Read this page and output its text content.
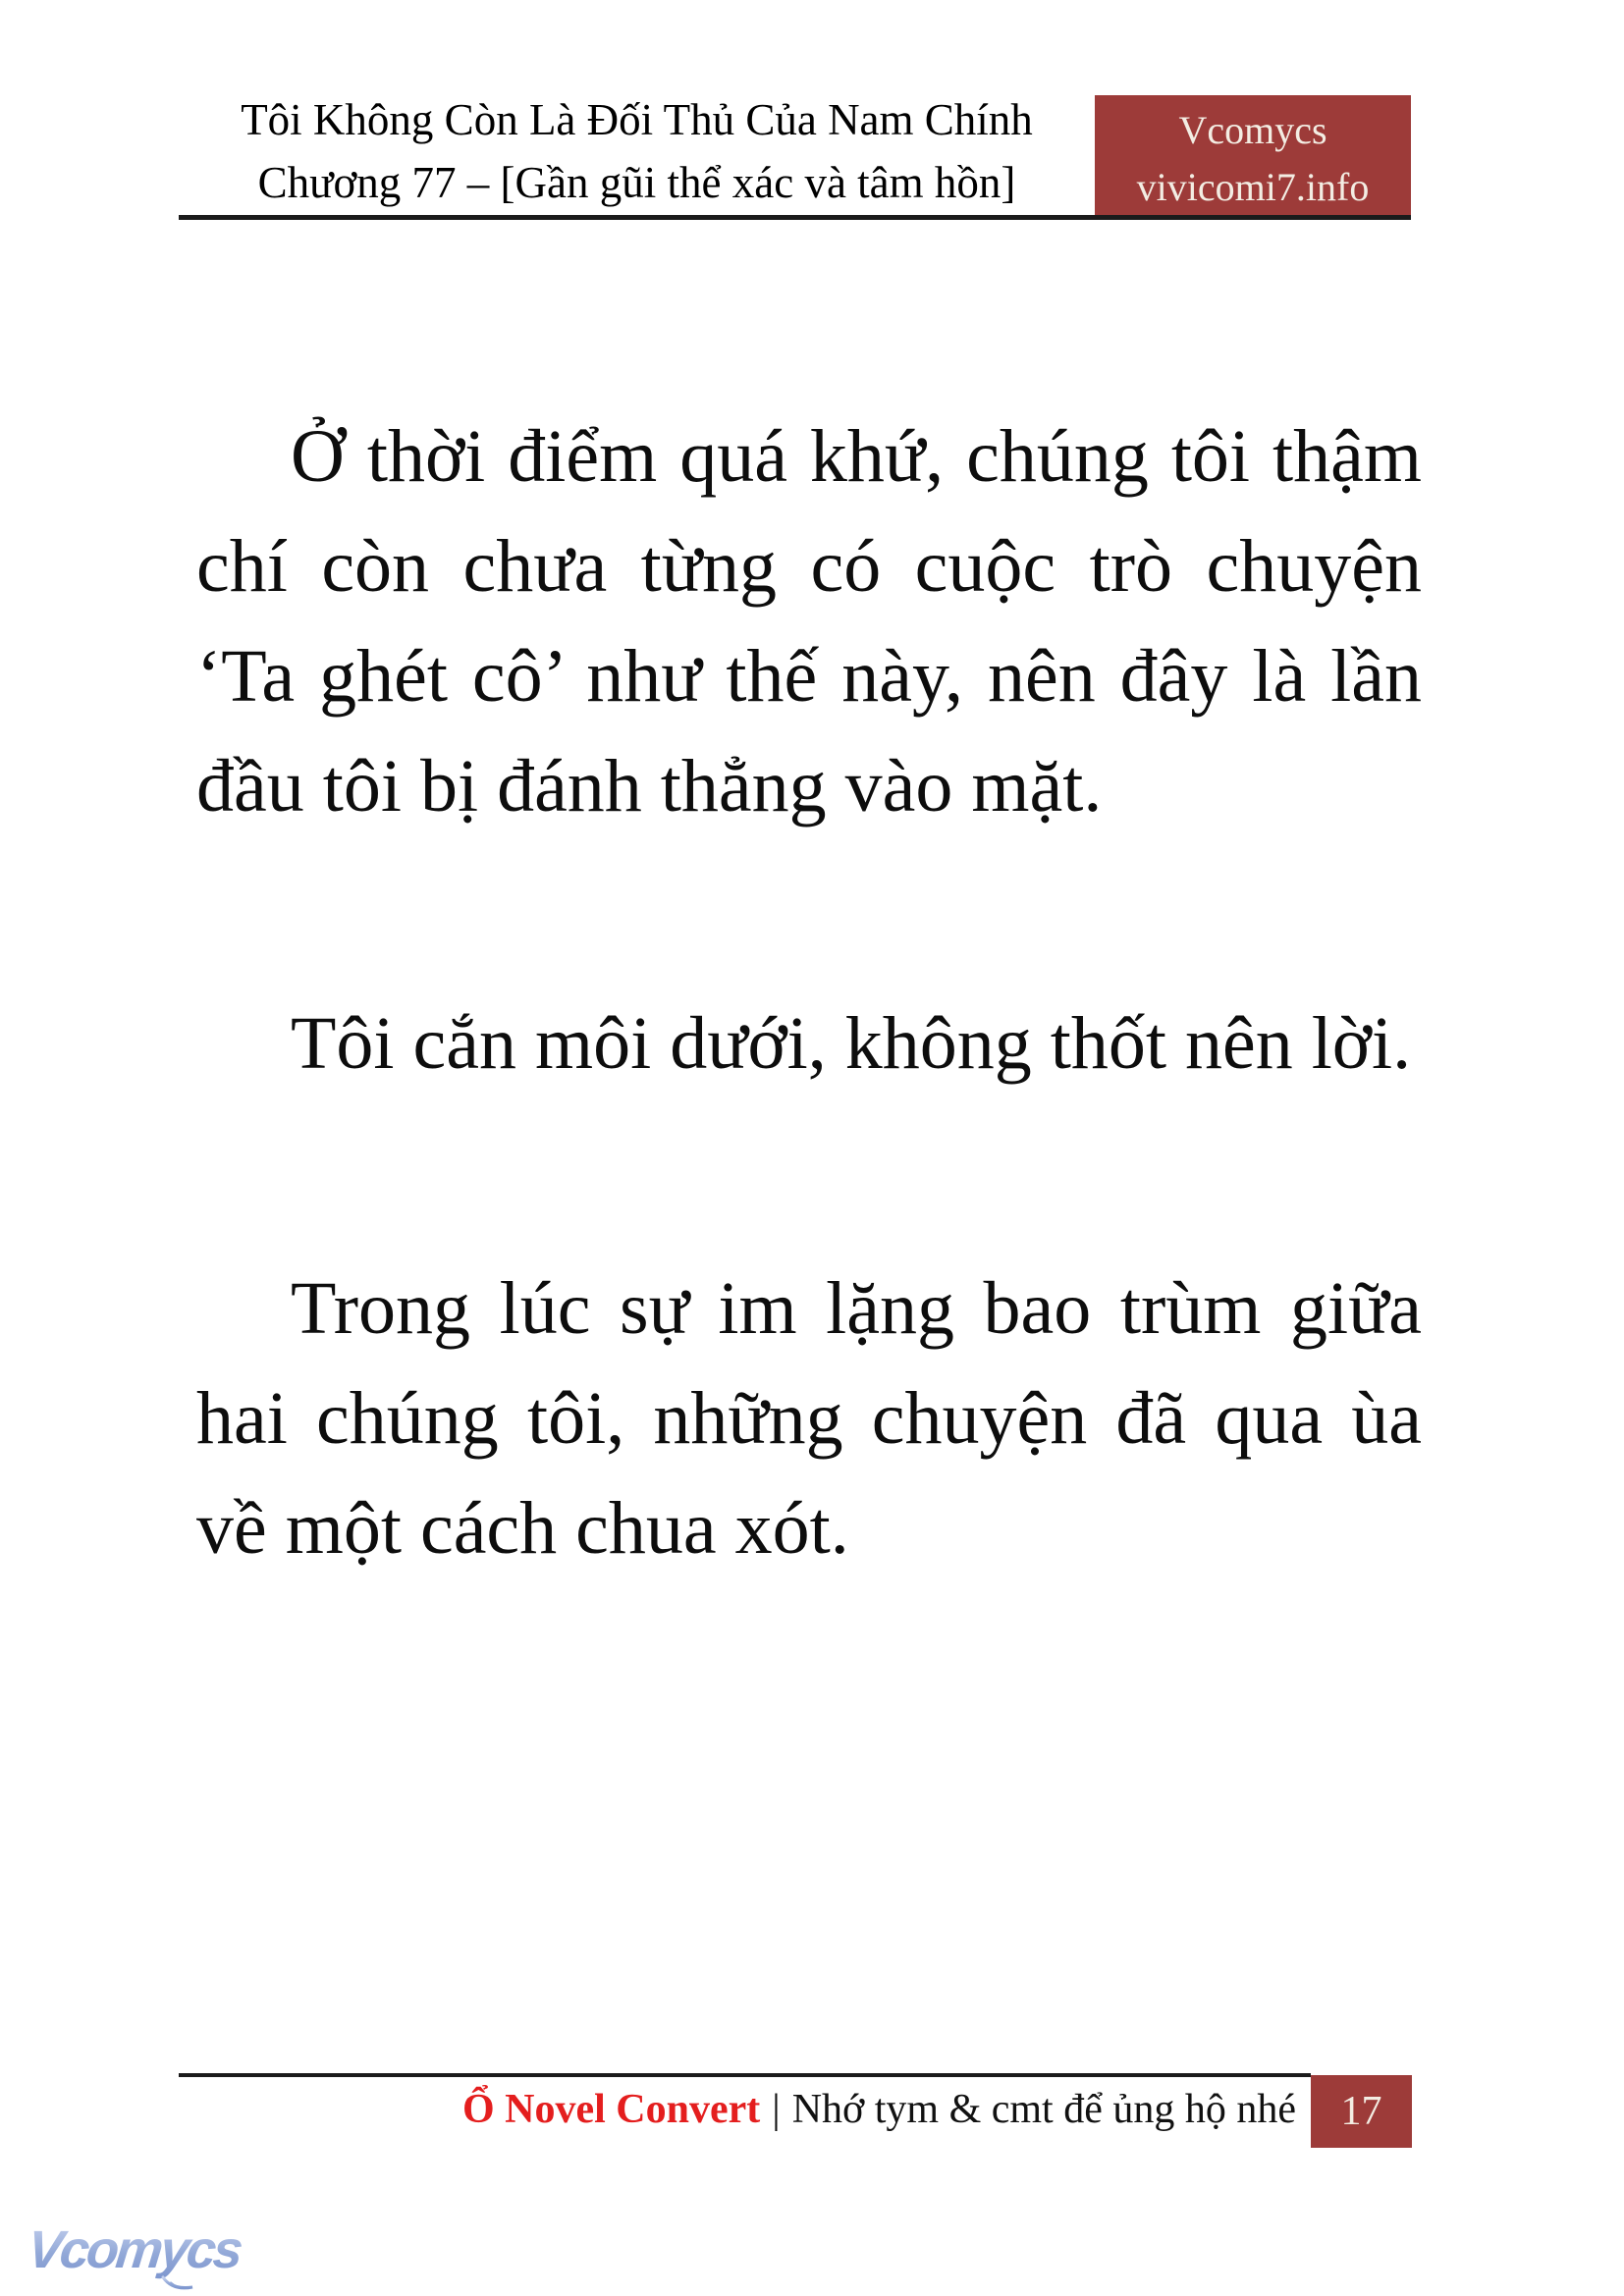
Tôi Không Còn Là Đối Thủ Của Nam Chính
Chương 77 – [Gần gũi thể xác và tâm hồn]
Vcomycs
vivicomi7.info

Ở thời điểm quá khứ, chúng tôi thậm chí còn chưa từng có cuộc trò chuyện ‘Ta ghét cô’ như thế này, nên đây là lần đầu tôi bị đánh thẳng vào mặt.

Tôi cắn môi dưới, không thốt nên lời.

Trong lúc sự im lặng bao trùm giữa hai chúng tôi, những chuyện đã qua ùa về một cách chua xót.

Ổ Novel Convert | Nhớ tym & cmt để ủng hộ nhé 17
Vcomycs
